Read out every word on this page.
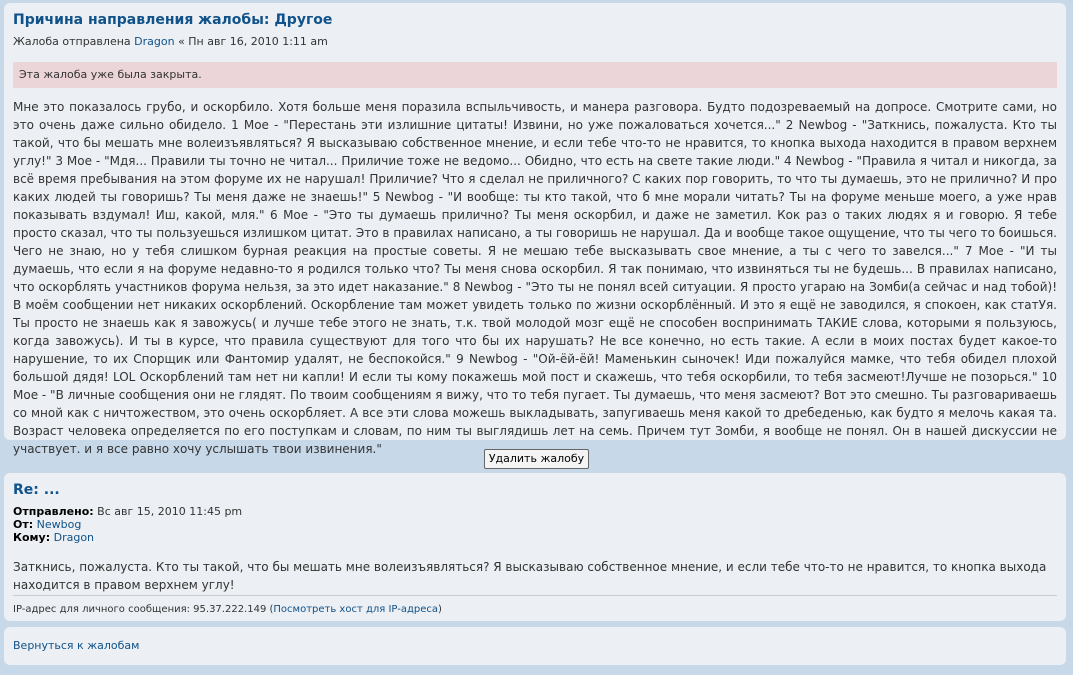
Причина направления жалобы: Другое
Жалоба отправлена Dragon « Пн авг 16, 2010 1:11 am
Эта жалоба уже была закрыта.
Мне это показалось грубо, и оскорбило. Хотя больше меня поразила вспыльчивость, и манера разговора. Будто подозреваемый на допросе. Смотрите сами, но это очень даже сильно обидело. 1 Мое - "Перестань эти излишние цитаты! Извини, но уже пожаловаться хочется..." 2 Newbog - "Заткнись, пожалуста. Кто ты такой, что бы мешать мне волеизъявляться? Я высказываю собственное мнение, и если тебе что-то не нравится, то кнопка выхода находится в правом верхнем углу!" 3 Мое - "Мдя... Правили ты точно не читал... Приличие тоже не ведомо... Обидно, что есть на свете такие люди." 4 Newbog - "Правила я читал и никогда, за всё время пребывания на этом форуме их не нарушал! Приличие? Что я сделал не приличного? С каких пор говорить, то что ты думаешь, это не прилично? И про каких людей ты говоришь? Ты меня даже не знаешь!" 5 Newbog - "И вообще: ты кто такой, что б мне морали читать? Ты на форуме меньше моего, а уже нрав показывать вздумал! Иш, какой, мля." 6 Мое - "Это ты думаешь прилично? Ты меня оскорбил, и даже не заметил. Кок раз о таких людях я и говорю. Я тебе просто сказал, что ты пользуешься излишком цитат. Это в правилах написано, а ты говоришь не нарушал. Да и вообще такое ощущение, что ты чего то боишься. Чего не знаю, но у тебя слишком бурная реакция на простые советы. Я не мешаю тебе высказывать свое мнение, а ты с чего то завелся..." 7 Мое - "И ты думаешь, что если я на форуме недавно-то я родился только что? Ты меня снова оскорбил. Я так понимаю, что извиняться ты не будешь... В правилах написано, что оскорблять участников форума нельзя, за это идет наказание." 8 Newbog - "Это ты не понял всей ситуации. Я просто угараю на Зомби(а сейчас и над тобой)! В моём сообщении нет никаких оскорблений. Оскорбление там может увидеть только по жизни оскорблённый. И это я ещё не заводился, я спокоен, как статУя. Ты просто не знаешь как я завожусь( и лучше тебе этого не знать, т.к. твой молодой мозг ещё не способен воспринимать ТАКИЕ слова, которыми я пользуюсь, когда завожусь). И ты в курсе, что правила существуют для того что бы их нарушать? Не все конечно, но есть такие. А если в моих постах будет какое-то нарушение, то их Спорщик или Фантомир удалят, не беспокойся." 9 Newbog - "Ой-ёй-ёй! Маменькин сыночек! Иди пожалуйся мамке, что тебя обидел плохой большой дядя! LOL Оскорблений там нет ни капли! И если ты кому покажешь мой пост и скажешь, что тебя оскорбили, то тебя засмеют!Лучше не позорься." 10 Мое - "В личные сообщения они не глядят. По твоим сообщениям я вижу, что то тебя пугает. Ты думаешь, что меня засмеют? Вот это смешно. Ты разговариваешь со мной как с ничтожеством, это очень оскорбляет. А все эти слова можешь выкладывать, запугиваешь меня какой то дребеденью, как будто я мелочь какая та. Возраст человека определяется по его поступкам и словам, по ним ты выглядишь лет на семь. Причем тут Зомби, я вообще не понял. Он в нашей дискуссии не участвует. и я все равно хочу услышать твои извинения."
Удалить жалобу
Re: ...
Отправлено: Вс авг 15, 2010 11:45 pm
От: Newbog
Кому: Dragon
Заткнись, пожалуста. Кто ты такой, что бы мешать мне волеизъявляться? Я высказываю собственное мнение, и если тебе что-то не нравится, то кнопка выхода находится в правом верхнем углу!
IP-адрес для личного сообщения: 95.37.222.149 (Посмотреть хост для IP-адреса)
Вернуться к жалобам
